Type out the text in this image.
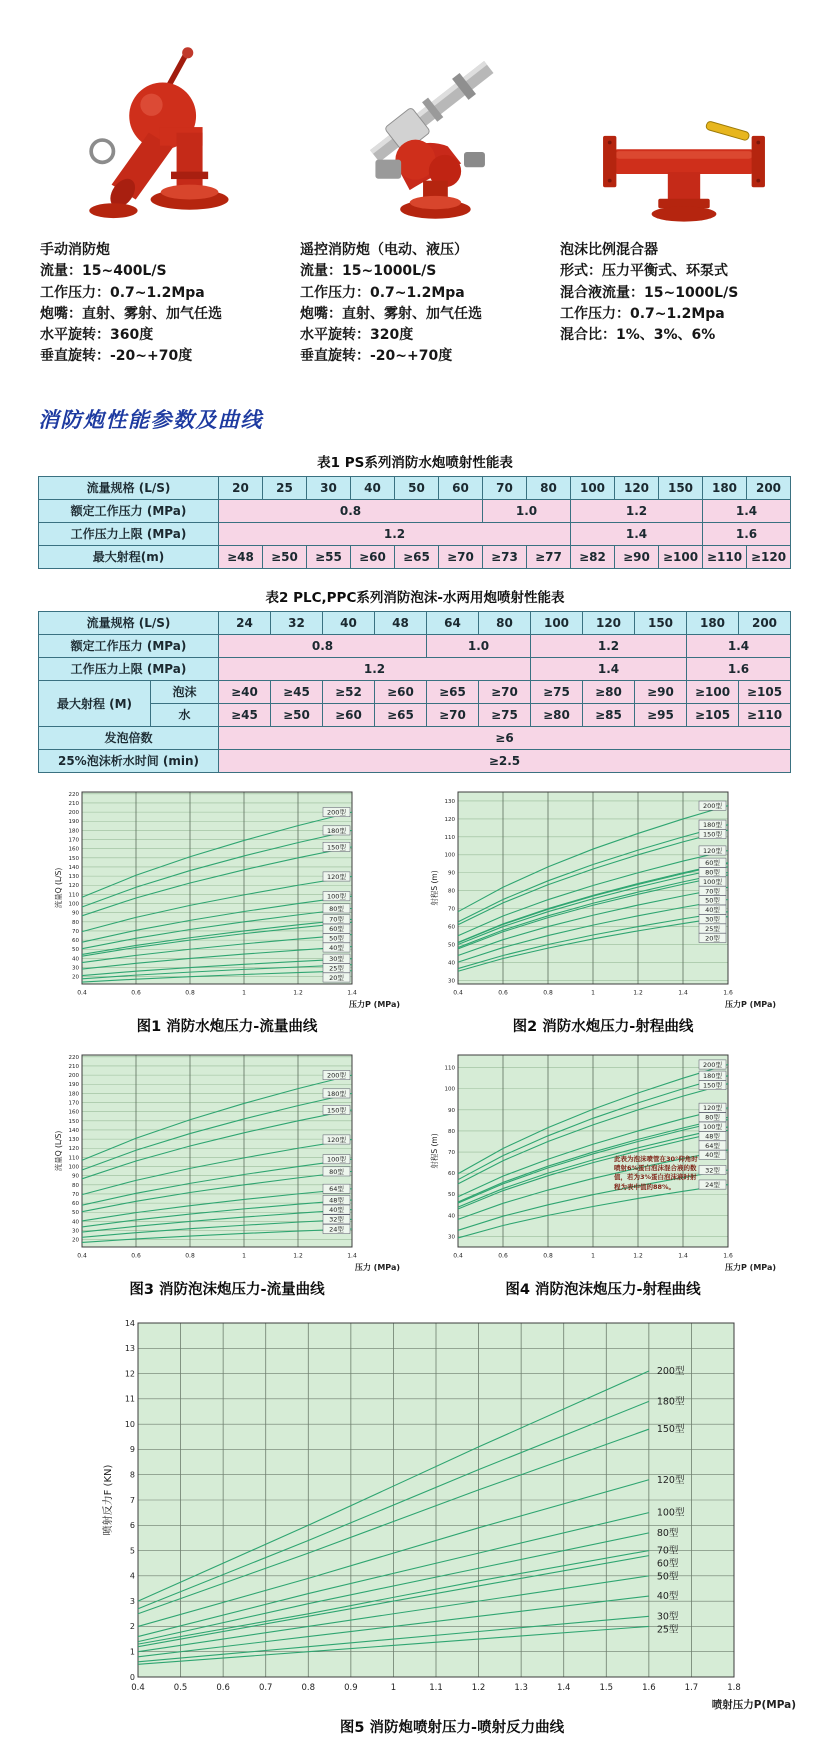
手动消防炮
流量：15~400L/S
工作压力：0.7~1.2Mpa
炮嘴：直射、雾射、加气任选
水平旋转：360度
垂直旋转：-20~+70度
遥控消防炮（电动、液压）
流量：15~1000L/S
工作压力：0.7~1.2Mpa
炮嘴：直射、雾射、加气任选
水平旋转：320度
垂直旋转：-20~+70度
泡沫比例混合器
形式：压力平衡式、环泵式
混合液流量：15~1000L/S
工作压力：0.7~1.2Mpa
混合比：1%、3%、6%
消防炮性能参数及曲线
表1 PS系列消防水炮喷射性能表
流量规格 (L/S)	20	25	30	40	50	60	70	80	100	120	150	180	200
额定工作压力 (MPa)	0.8						1.0		1.2			1.4	
工作压力上限 (MPa)	1.2								1.4			1.6	
最大射程(m)	≥48	≥50	≥55	≥60	≥65	≥70	≥73	≥77	≥82	≥90	≥100	≥110	≥120
表2 PLC,PPC系列消防泡沫-水两用炮喷射性能表
流量规格 (L/S)		24	32	40	48	64	80	100	120	150	180	200
额定工作压力 (MPa)		0.8				1.0		1.2			1.4	
工作压力上限 (MPa)		1.2						1.4			1.6	
最大射程 (M)	泡沫	≥40	≥45	≥52	≥60	≥65	≥70	≥75	≥80	≥90	≥100	≥105
	水	≥45	≥50	≥60	≥65	≥70	≥75	≥80	≥85	≥95	≥105	≥110
发泡倍数		≥6										
25%泡沫析水时间 (min)		≥2.5										
20
30
40
50
60
70
80
90
100
110
120
130
140
150
160
170
180
190
200
210
220
0.4	0.6	0.8	1	1.2	1.4
流量Q (L/S)
压力P (MPa)
200型
180型
150型
120型
100型
80型
70型
60型
50型
40型
30型
25型
20型
图1 消防水炮压力-流量曲线
30
40
50
60
70
80
90
100
110
120
130
0.4	0.6	0.8	1	1.2	1.4	1.6
射程S (m)
压力P (MPa)
200型
180型
150型
120型
60型
80型
100型
70型
50型
40型
30型
25型
20型
图2 消防水炮压力-射程曲线
20
30
40
50
60
70
80
90
100
110
120
130
140
150
160
170
180
190
200
210
220
0.4	0.6	0.8	1	1.2	1.4
流量Q (L/S)
压力 (MPa)
200型
180型
150型
120型
100型
80型
64型
48型
40型
32型
24型
图3 消防泡沫炮压力-流量曲线
30
40
50
60
70
80
90
100
110
0.4	0.6	0.8	1	1.2	1.4	1.6
射程S (m)
压力P (MPa)
200型
180型
150型
120型
80型
100型
48型
64型
40型
32型
24型
此表为泡沫喷管在30°仰角时喷射6%蛋白泡沫混合液的数值，若为3%蛋白泡沫液时射程为表中值的88%。
图4 消防泡沫炮压力-射程曲线
0
1
2
3
4
5
6
7
8
9
10
11
12
13
14
0.4	0.5	0.6	0.7	0.8	0.9	1	1.1	1.2	1.3	1.4	1.5	1.6	1.7	1.8
喷射反力F (KN)
喷射压力P(MPa)
200型
180型
150型
120型
100型
80型
70型
60型
50型
40型
30型
25型
图5 消防炮喷射压力-喷射反力曲线
